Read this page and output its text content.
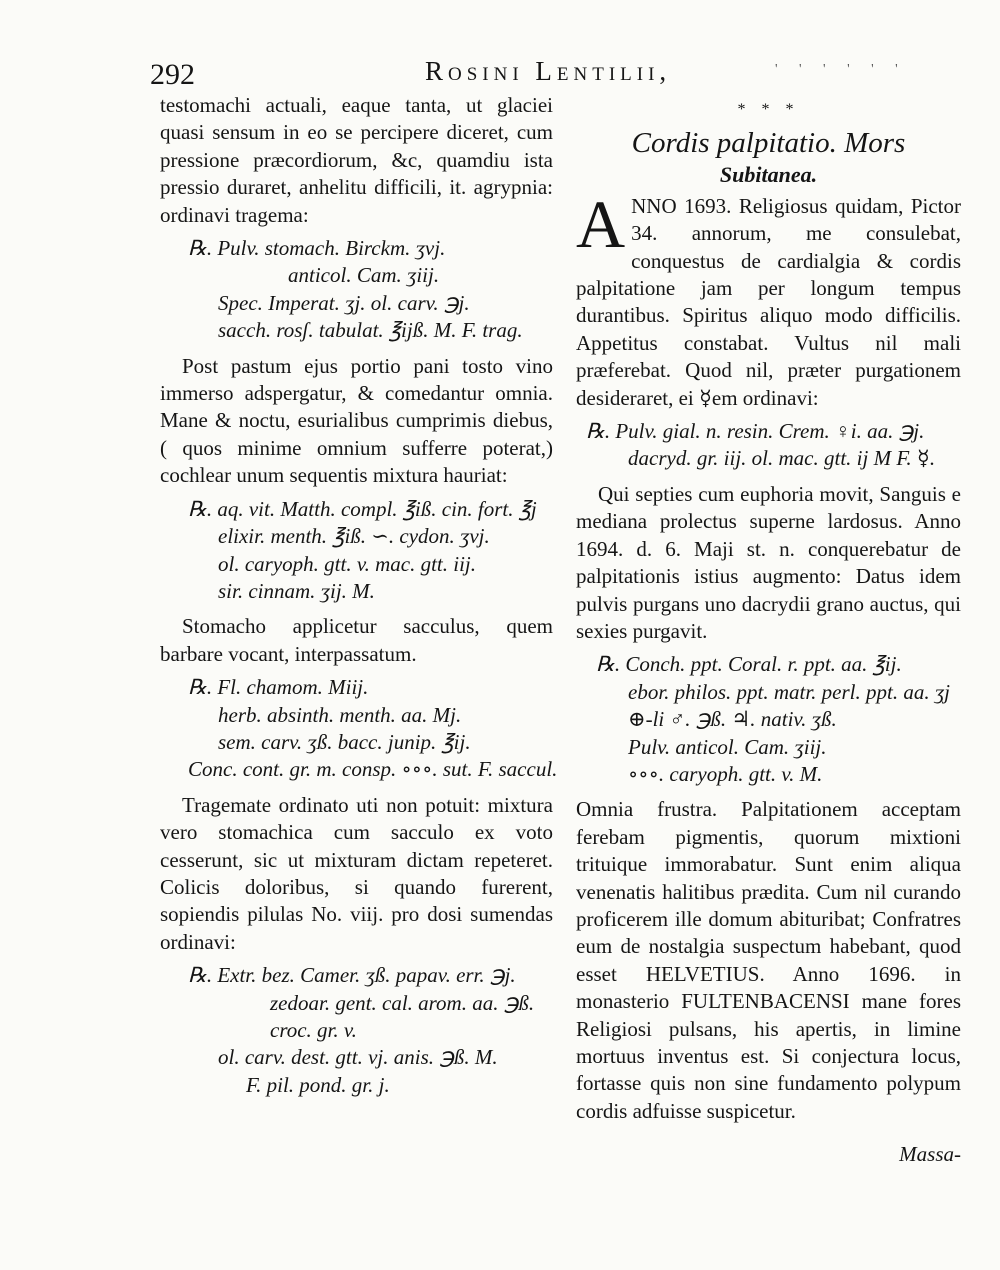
292	Rosini Lentilii,	' ' ' ' ' '

testomachi actuali, eaque tanta, ut glaciei quasi sensum in eo se percipere diceret, cum pressione præcordiorum, &c, quamdiu ista pressio duraret, anhelitu difficili, it. agrypnia: ordinavi tragema:

℞. Pulv. stomach. Birckm. ʒvj.
anticol. Cam. ʒiij.
Spec. Imperat. ʒj. ol. carv. ℈j.
sacch. rosʃ. tabulat. ℥ijß. M. F. trag.

Post pastum ejus portio pani tosto vino immerso adspergatur, & comedantur omnia. Mane & noctu, esurialibus cumprimis diebus, ( quos minime omnium sufferre poterat,) cochlear unum sequentis mixtura hauriat:

℞. aq. vit. Matth. compl. ℥iß. cin. fort. ℥j
elixir. menth. ℥iß. ∽. cydon. ʒvj.
ol. caryoph. gtt. v. mac. gtt. iij.
sir. cinnam. ʒij. M.

Stomacho applicetur sacculus, quem barbare vocant, interpassatum.

℞. Fl. chamom. Miij.
herb. absinth. menth. aa. Mj.
sem. carv. ʒß. bacc. junip. ℥ij.
Conc. cont. gr. m. consp. ∘∘∘. sut. F. saccul.

Tragemate ordinato uti non potuit: mixtura vero stomachica cum sacculo ex voto cesserunt, sic ut mixturam dictam repeteret. Colicis doloribus, si quando furerent, sopiendis pilulas No. viij. pro dosi sumendas ordinavi:

℞. Extr. bez. Camer. ʒß. papav. err. ℈j.
zedoar. gent. cal. arom. aa. ℈ß.
croc. gr. v.
ol. carv. dest. gtt. vj. anis. ℈ß. M.
F. pil. pond. gr. j.
* * *
Cordis palpitatio. Mors
Subitanea.

ANNO 1693. Religiosus quidam, Pictor 34. annorum, me consulebat, conquestus de cardialgia & cordis palpitatione jam per longum tempus durantibus. Spiritus aliquo modo difficilis. Appetitus constabat. Vultus nil mali præferebat. Quod nil, præter purgationem desideraret, ei ☿em ordinavi:

℞. Pulv. gial. n. resin. Crem. ♀i. aa. ℈j.
dacryd. gr. iij. ol. mac. gtt. ij M F. ☿.

Qui septies cum euphoria movit, Sanguis e mediana prolectus superne lardosus. Anno 1694. d. 6. Maji st. n. conquerebatur de palpitationis istius augmento: Datus idem pulvis purgans uno dacrydii grano auctus, qui sexies purgavit.

℞. Conch. ppt. Coral. r. ppt. aa. ℥ij.
ebor. philos. ppt. matr. perl. ppt. aa. ʒj
⊕-li ♂. ℈ß. ♃. nativ. ʒß.
Pulv. anticol. Cam. ʒiij.
∘∘∘. caryoph. gtt. v. M.

Omnia frustra. Palpitationem acceptam ferebam pigmentis, quorum mixtioni trituique immorabatur. Sunt enim aliqua venenatis halitibus prædita. Cum nil curando proficerem ille domum abituribat; Confratres eum de nostalgia suspectum habebant, quod esset HELVETIUS. Anno 1696. in monasterio FULTENBACENSI mane fores Religiosi pulsans, his apertis, in limine mortuus inventus est. Si conjectura locus, fortasse quis non sine fundamento polypum cordis adfuisse suspicetur.

Massa-
